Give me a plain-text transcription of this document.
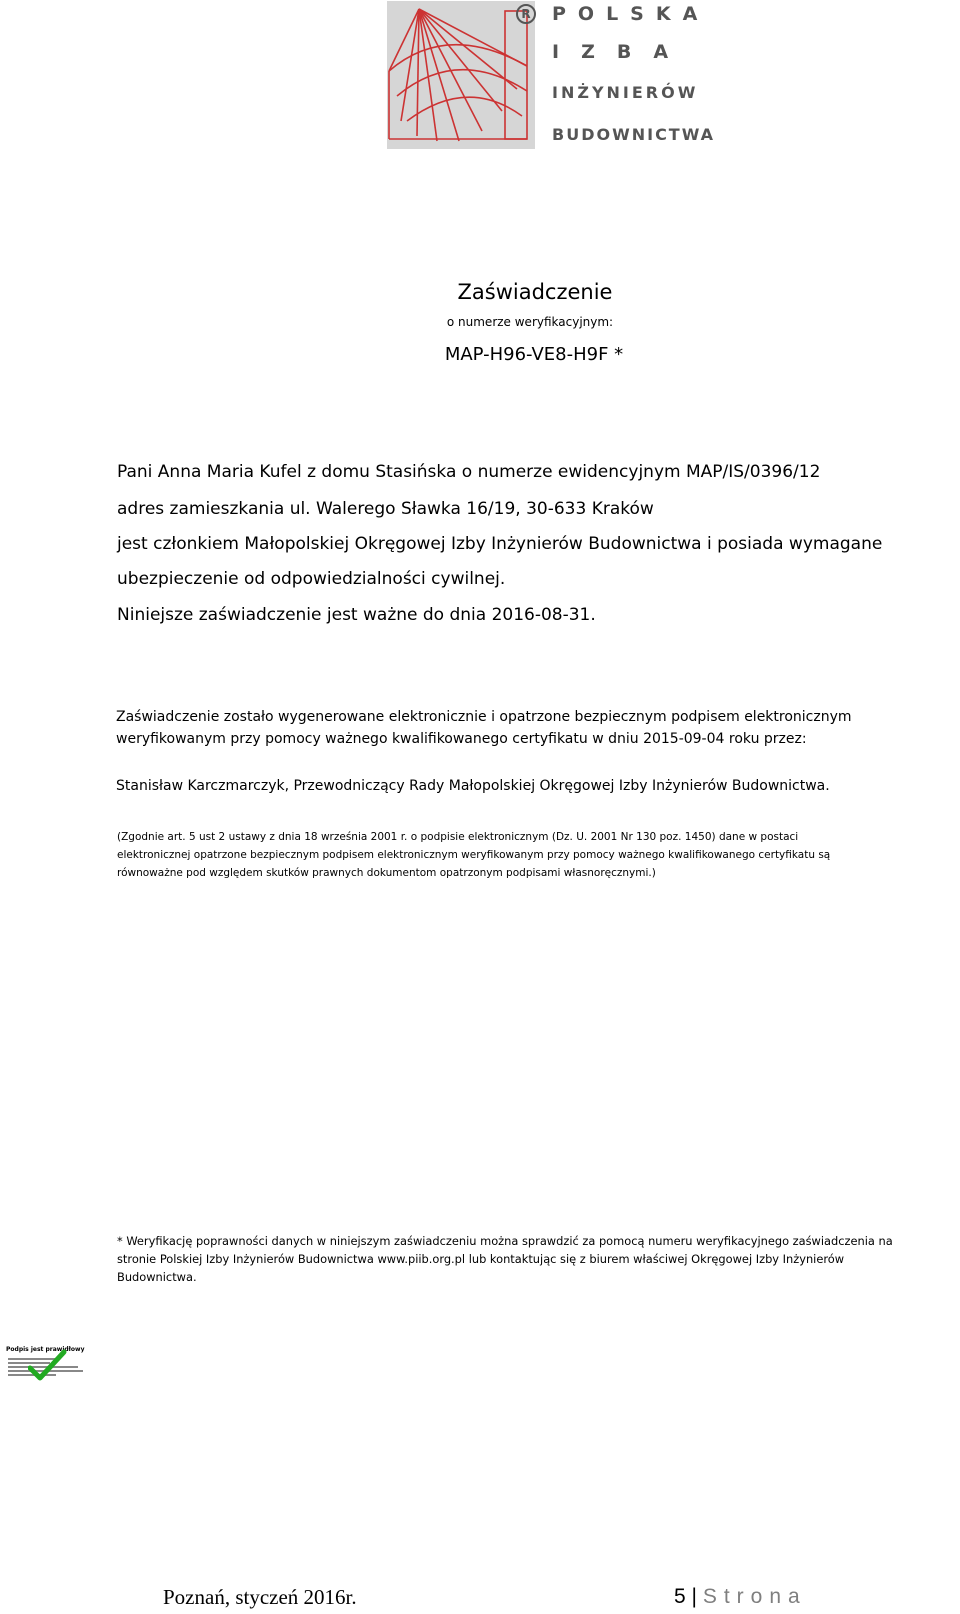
POLSKA
IZBA
INŻYNIERÓW
BUDOWNICTWA
R
Zaświadczenie
o numerze weryfikacyjnym:
MAP-H96-VE8-H9F *
Pani Anna Maria Kufel z domu Stasińska o numerze ewidencyjnym MAP/IS/0396/12
adres zamieszkania ul. Walerego Sławka 16/19, 30-633 Kraków
jest członkiem Małopolskiej Okręgowej Izby Inżynierów Budownictwa i posiada wymagane
ubezpieczenie od odpowiedzialności cywilnej.
Niniejsze zaświadczenie jest ważne do dnia 2016-08-31.
Zaświadczenie zostało wygenerowane elektronicznie i opatrzone bezpiecznym podpisem elektronicznym
weryfikowanym przy pomocy ważnego kwalifikowanego certyfikatu w dniu 2015-09-04 roku przez:
Stanisław Karczmarczyk, Przewodniczący Rady Małopolskiej Okręgowej Izby Inżynierów Budownictwa.
(Zgodnie art. 5 ust 2 ustawy z dnia 18 września 2001 r. o podpisie elektronicznym (Dz. U. 2001 Nr 130 poz. 1450) dane w postaci
elektronicznej opatrzone bezpiecznym podpisem elektronicznym weryfikowanym przy pomocy ważnego kwalifikowanego certyfikatu są
równoważne pod względem skutków prawnych dokumentom opatrzonym podpisami własnoręcznymi.)
* Weryfikację poprawności danych w niniejszym zaświadczeniu można sprawdzić za pomocą numeru weryfikacyjnego zaświadczenia na
stronie Polskiej Izby Inżynierów Budownictwa www.piib.org.pl lub kontaktując się z biurem właściwej Okręgowej Izby Inżynierów
Budownictwa.
Podpis jest prawidłowy
Poznań, styczeń 2016r.	5 | Strona
